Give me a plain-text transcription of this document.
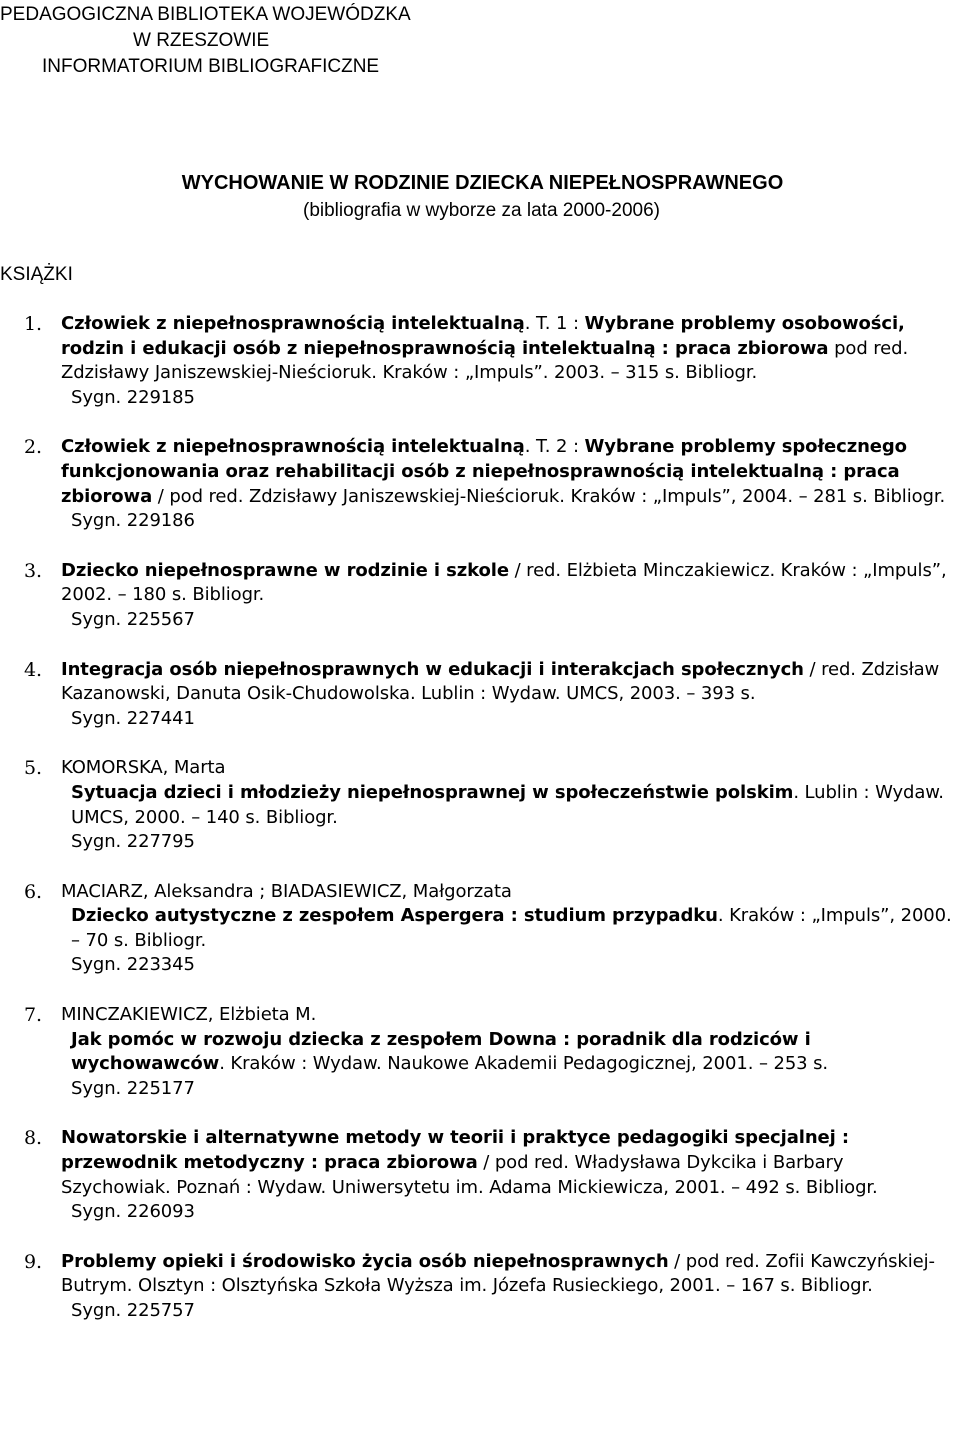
PEDAGOGICZNA BIBLIOTEKA WOJEWÓDZKA
W RZESZOWIE
INFORMATORIUM BIBLIOGRAFICZNE
WYCHOWANIE W RODZINIE DZIECKA NIEPEŁNOSPRAWNEGO
(bibliografia w wyborze za lata 2000-2006)
KSIĄŻKI
1. Człowiek z niepełnosprawnością intelektualną. T. 1 : Wybrane problemy osobowości, rodzin i edukacji osób z niepełnosprawnością intelektualną : praca zbiorowa pod red. Zdzisławy Janiszewskiej-Nieścioruk. Kraków : „Impuls”. 2003. – 315 s. Bibliogr.
Sygn. 229185
2. Człowiek z niepełnosprawnością intelektualną. T. 2 : Wybrane problemy społecznego funkcjonowania oraz rehabilitacji osób z niepełnosprawnością intelektualną : praca zbiorowa / pod red. Zdzisławy Janiszewskiej-Nieścioruk. Kraków : „Impuls”, 2004. – 281 s. Bibliogr.
Sygn. 229186
3. Dziecko niepełnosprawne w rodzinie i szkole / red. Elżbieta Minczakiewicz. Kraków : „Impuls”, 2002. – 180 s. Bibliogr.
Sygn. 225567
4. Integracja osób niepełnosprawnych w edukacji i interakcjach społecznych / red. Zdzisław Kazanowski, Danuta Osik-Chudowolska. Lublin : Wydaw. UMCS, 2003. – 393 s.
Sygn. 227441
5. KOMORSKA, Marta
Sytuacja dzieci i młodzieży niepełnosprawnej w społeczeństwie polskim. Lublin : Wydaw. UMCS, 2000. – 140 s. Bibliogr.
Sygn. 227795
6. MACIARZ, Aleksandra ; BIADASIEWICZ, Małgorzata
Dziecko autystyczne z zespołem Aspergera : studium przypadku. Kraków : „Impuls”, 2000. – 70 s. Bibliogr.
Sygn. 223345
7. MINCZAKIEWICZ, Elżbieta M.
Jak pomóc w rozwoju dziecka z zespołem Downa : poradnik dla rodziców i wychowawców. Kraków : Wydaw. Naukowe Akademii Pedagogicznej, 2001. – 253 s.
Sygn. 225177
8. Nowatorskie i alternatywne metody w teorii i praktyce pedagogiki specjalnej : przewodnik metodyczny : praca zbiorowa / pod red. Władysława Dykcika i Barbary Szychowiak. Poznań : Wydaw. Uniwersytetu im. Adama Mickiewicza, 2001. – 492 s. Bibliogr.
Sygn. 226093
9. Problemy opieki i środowisko życia osób niepełnosprawnych / pod red. Zofii Kawczyńskiej-Butrym. Olsztyn : Olsztyńska Szkoła Wyższa im. Józefa Rusieckiego, 2001. – 167 s. Bibliogr.
Sygn. 225757
